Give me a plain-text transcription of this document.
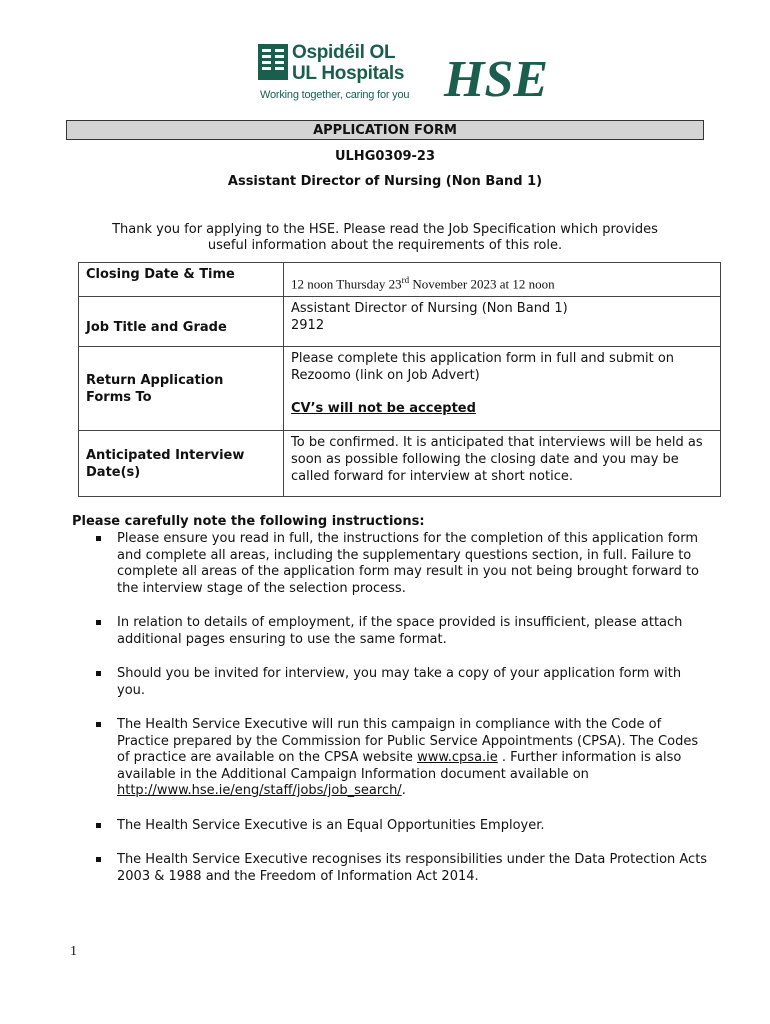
Ospidéil OL
UL Hospitals
Working together, caring for you HSE
APPLICATION FORM
ULHG0309-23
Assistant Director of Nursing (Non Band 1)
Thank you for applying to the HSE. Please read the Job Specification which provides
useful information about the requirements of this role.
Closing Date & Time	12 noon Thursday 23rd November 2023 at 12 noon

Job Title and Grade	Assistant Director of Nursing (Non Band 1)
2912

Return Application Forms To	Please complete this application form in full and submit on Rezoomo (link on Job Advert)
CV’s will not be accepted

Anticipated Interview Date(s)	To be confirmed. It is anticipated that interviews will be held as soon as possible following the closing date and you may be called forward for interview at short notice.
Please carefully note the following instructions:
Please ensure you read in full, the instructions for the completion of this application form and complete all areas, including the supplementary questions section, in full. Failure to complete all areas of the application form may result in you not being brought forward to the interview stage of the selection process.
In relation to details of employment, if the space provided is insufficient, please attach additional pages ensuring to use the same format.
Should you be invited for interview, you may take a copy of your application form with you.
The Health Service Executive will run this campaign in compliance with the Code of Practice prepared by the Commission for Public Service Appointments (CPSA). The Codes of practice are available on the CPSA website www.cpsa.ie . Further information is also available in the Additional Campaign Information document available on http://www.hse.ie/eng/staff/jobs/job_search/.
The Health Service Executive is an Equal Opportunities Employer.
The Health Service Executive recognises its responsibilities under the Data Protection Acts 2003 & 1988 and the Freedom of Information Act 2014.
1
